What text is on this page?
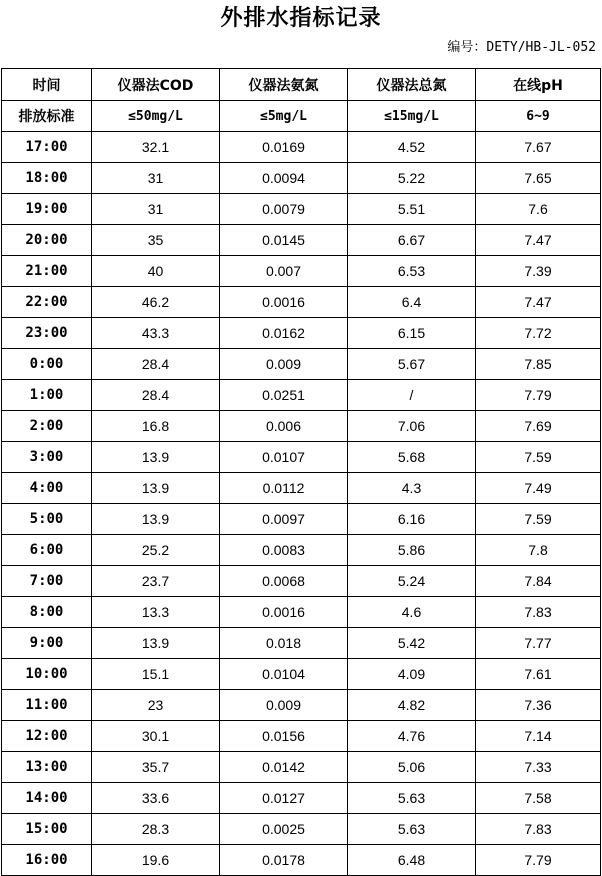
外排水指标记录
编号：DETY/HB-JL-052
时间	仪器法COD	仪器法氨氮	仪器法总氮	在线pH
排放标准	≤50mg/L	≤5mg/L	≤15mg/L	6~9
17:00	32.1	0.0169	4.52	7.67
18:00	31	0.0094	5.22	7.65
19:00	31	0.0079	5.51	7.6
20:00	35	0.0145	6.67	7.47
21:00	40	0.007	6.53	7.39
22:00	46.2	0.0016	6.4	7.47
23:00	43.3	0.0162	6.15	7.72
0:00	28.4	0.009	5.67	7.85
1:00	28.4	0.0251	/	7.79
2:00	16.8	0.006	7.06	7.69
3:00	13.9	0.0107	5.68	7.59
4:00	13.9	0.0112	4.3	7.49
5:00	13.9	0.0097	6.16	7.59
6:00	25.2	0.0083	5.86	7.8
7:00	23.7	0.0068	5.24	7.84
8:00	13.3	0.0016	4.6	7.83
9:00	13.9	0.018	5.42	7.77
10:00	15.1	0.0104	4.09	7.61
11:00	23	0.009	4.82	7.36
12:00	30.1	0.0156	4.76	7.14
13:00	35.7	0.0142	5.06	7.33
14:00	33.6	0.0127	5.63	7.58
15:00	28.3	0.0025	5.63	7.83
16:00	19.6	0.0178	6.48	7.79
